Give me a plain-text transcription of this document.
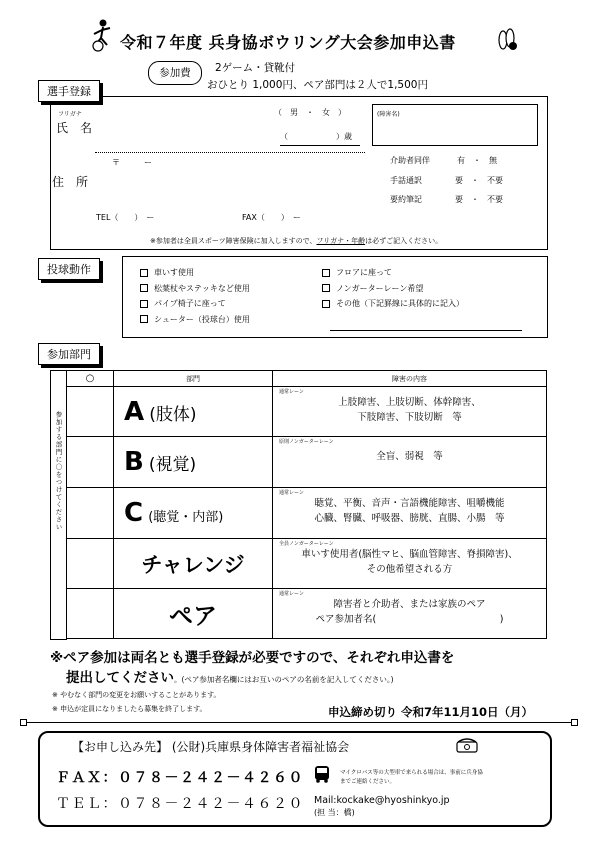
令和７年度 兵身協ボウリング大会参加申込書
参加費	2ゲーム・貸靴付
おひとり 1,000円、ペア部門は２人で1,500円
選手登録
フリガナ
氏　名
（　男　・　女　）
（　　　　　　）歳
(障害名)
〒　　　ー
住　所
TEL（　　）　ー	FAX（　　）　ー
介助者同伴	有　・　無
手話通訳	要　・　不要
要約筆記	要　・　不要
※参加者は全員スポーツ障害保険に加入しますので、フリガナ・年齢は必ずご記入ください。
投球動作	車いす使用
松葉杖やステッキなど使用
パイプ椅子に座って
シューター（投球台）使用
フロアに座って
ノンガーターレーン希望
その他（下記罫線に具体的に記入）
参加部門
参加する部門に〇をつけてください
○	部門	障害の内容
	A (肢体)	通常レーン
上肢障害、上肢切断、体幹障害、
下肢障害、下肢切断　等

	B (視覚)	原則ノンガーターレーン
全盲、弱視　等

	C (聴覚・内部)	通常レーン
聴覚、平衡、音声・言語機能障害、咀嚼機能
心臓、腎臓、呼吸器、膀胱、直腸、小腸　等

	チャレンジ	全員ノンガーターレーン
車いす使用者(脳性マヒ、脳血管障害、脊損障害)、
その他希望される方

	ペア	通常レーン
障害者と介助者、または家族のペア
ペア参加者名(　　　　　　　　　　　　　)
※ペア参加は両名とも選手登録が必要ですので、それぞれ申込書を
提出してください。(ペア参加者名欄にはお互いのペアの名前を記入してください。)
※ やむなく部門の変更をお願いすることがあります。
※ 申込が定員になりましたら募集を終了します。	申込締め切り 令和7年11月10日（月）
【お申し込み先】 (公財)兵庫県身体障害者福祉協会
ＦＡＸ：０７８－２４２－４２６０
ＴＥＬ：０７８－２４２－４６２０
マイクロバス等の大型車で来られる場合は、事前に兵身協
までご連絡ください。
Mail:kockake@hyoshinkyo.jp
(担 当：橋)
